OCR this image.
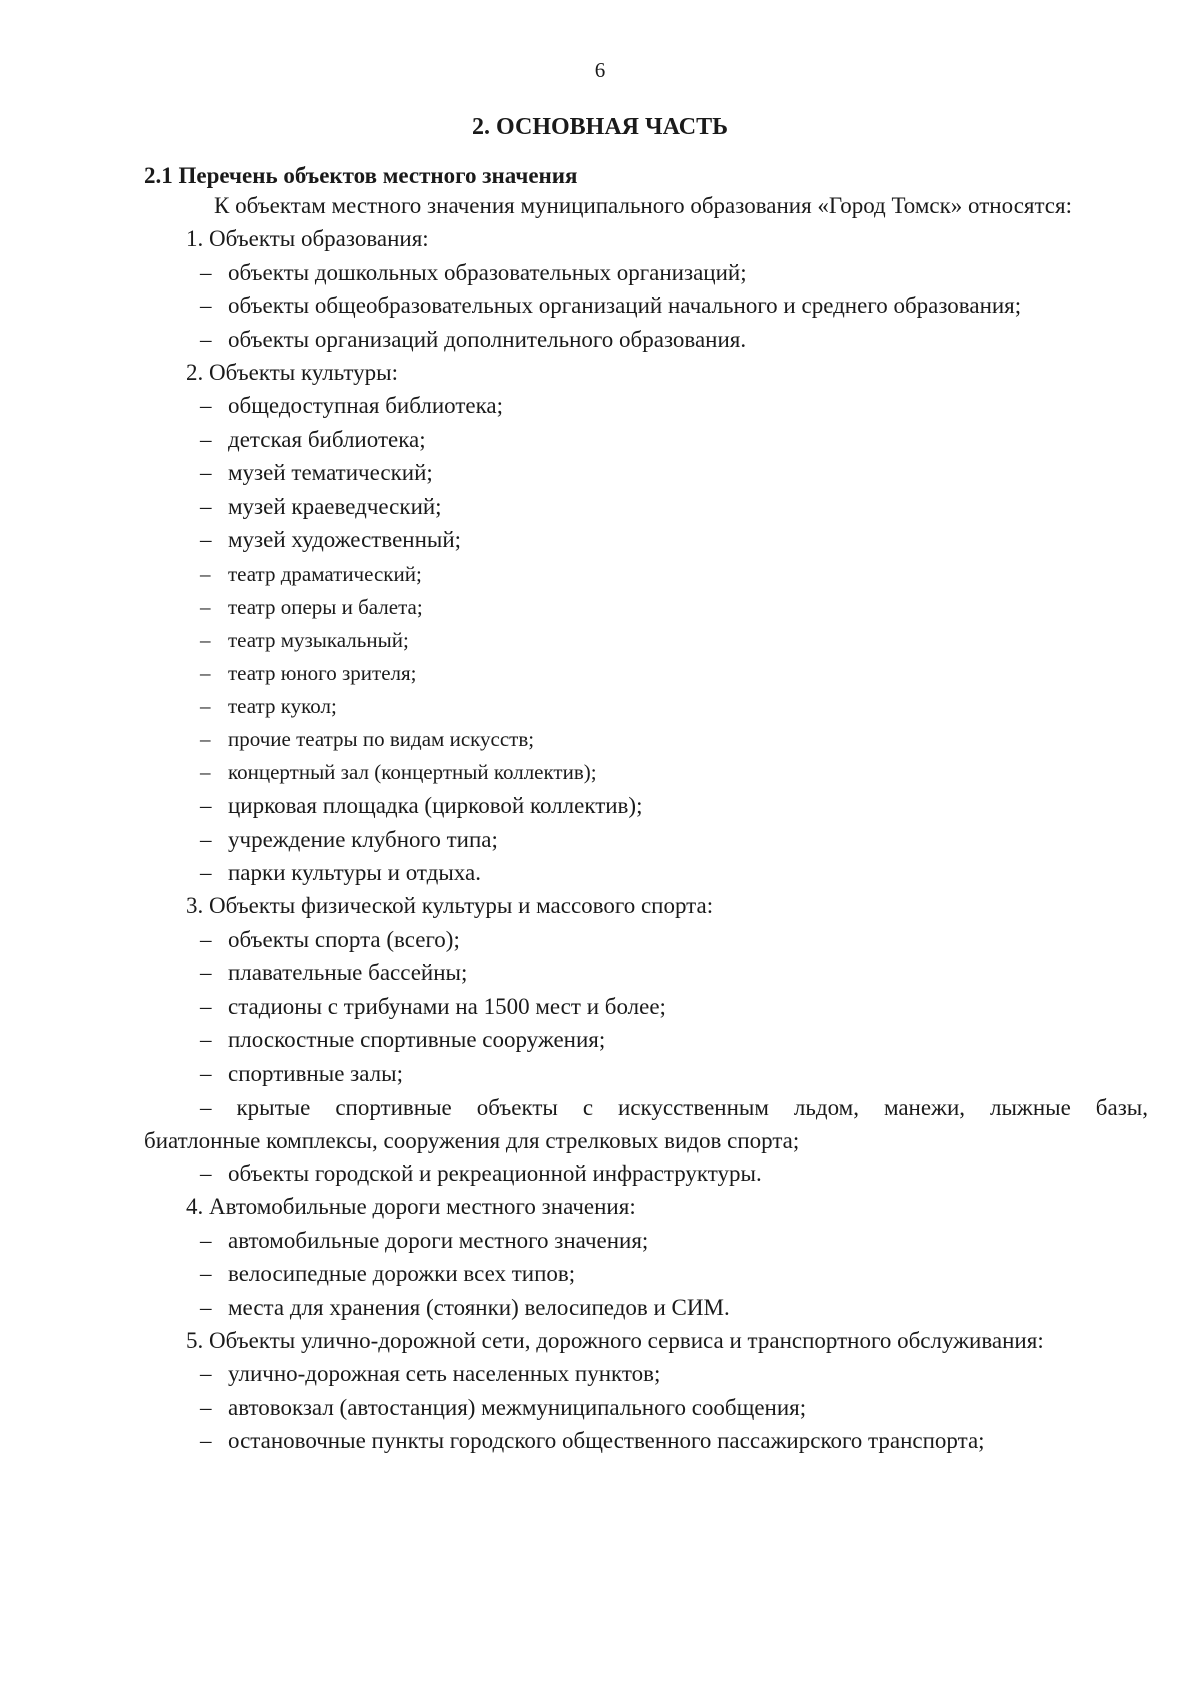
6
2. ОСНОВНАЯ ЧАСТЬ
2.1 Перечень объектов местного значения
К объектам местного значения муниципального образования «Город Томск» относятся:
1. Объекты образования:
– объекты дошкольных образовательных организаций;
– объекты общеобразовательных организаций начального и среднего образования;
– объекты организаций дополнительного образования.
2. Объекты культуры:
– общедоступная библиотека;
– детская библиотека;
– музей тематический;
– музей краеведческий;
– музей художественный;
– театр драматический;
– театр оперы и балета;
– театр музыкальный;
– театр юного зрителя;
– театр кукол;
– прочие театры по видам искусств;
– концертный зал (концертный коллектив);
– цирковая площадка (цирковой коллектив);
– учреждение клубного типа;
– парки культуры и отдыха.
3. Объекты физической культуры и массового спорта:
– объекты спорта (всего);
– плавательные бассейны;
– стадионы с трибунами на 1500 мест и более;
– плоскостные спортивные сооружения;
– спортивные залы;
– крытые спортивные объекты с искусственным льдом, манежи, лыжные базы,
биатлонные комплексы, сооружения для стрелковых видов спорта;
– объекты городской и рекреационной инфраструктуры.
4. Автомобильные дороги местного значения:
– автомобильные дороги местного значения;
– велосипедные дорожки всех типов;
– места для хранения (стоянки) велосипедов и СИМ.
5. Объекты улично-дорожной сети, дорожного сервиса и транспортного обслуживания:
– улично-дорожная сеть населенных пунктов;
– автовокзал (автостанция) межмуниципального сообщения;
– остановочные пункты городского общественного пассажирского транспорта;
